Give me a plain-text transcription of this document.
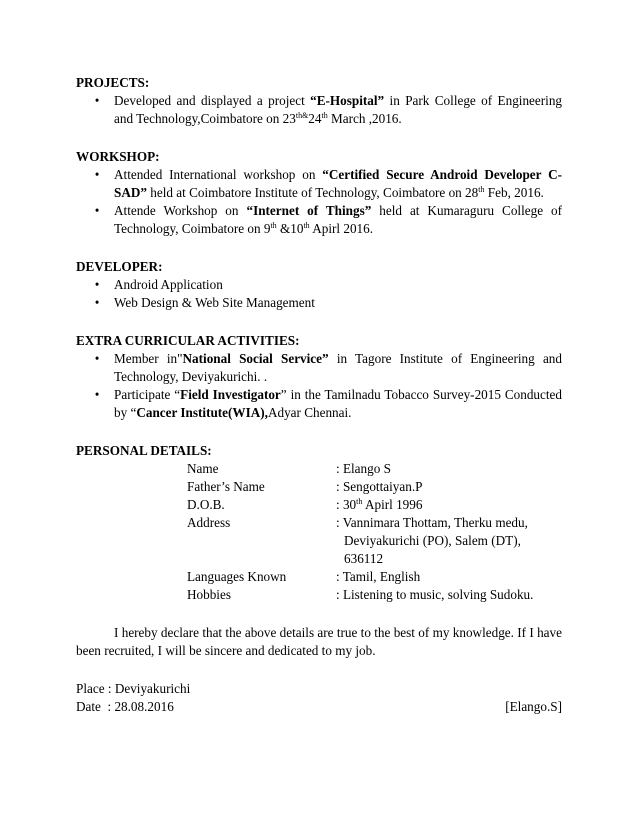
PROJECTS:

• Developed and displayed a project “E-Hospital” in Park College of Engineering and Technology,Coimbatore on $23^{th\&}24th$ March ,2016.

WORKSHOP:

• Attended International workshop on “Certified Secure Android Developer C-SAD” held at Coimbatore Institute of Technology, Coimbatore on 28th Feb, 2016.
• Attende Workshop on “Internet of Things” held at Kumaraguru College of Technology, Coimbatore on 9th &10th Apirl 2016.

DEVELOPER:

• Android Application
• Web Design & Web Site Management

EXTRA CURRICULAR ACTIVITIES:

• Member in"National Social Service” in Tagore Institute of Engineering and Technology, Deviyakurichi. .
• Participate “Field Investigator” in the Tamilnadu Tobacco Survey-2015 Conducted by “Cancer Institute(WIA),Adyar Chennai.

PERSONAL DETAILS:

Name	: Elango S
Father’s Name	: Sengottaiyan.P
D.O.B.	: 30th Apirl 1996
Address	: Vannimara Thottam, Therku medu,
Deviyakurichi (PO), Salem (DT), 636112

Languages Known	: Tamil, English
Hobbies	: Listening to music, solving Sudoku.

I hereby declare that the above details are true to the best of my knowledge. If I have been recruited, I will be sincere and dedicated to my job.

Place : Deviyakurichi
Date  : 28.08.2016	[Elango.S]
